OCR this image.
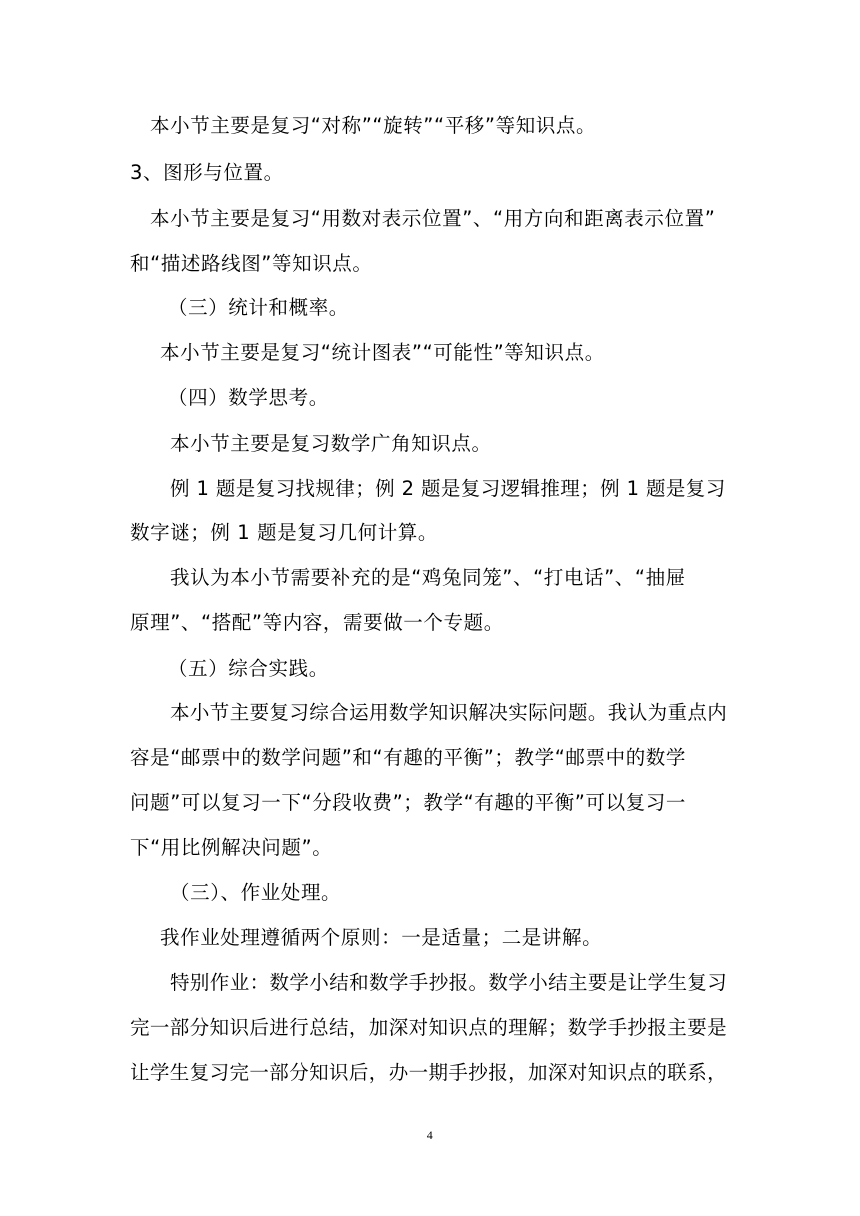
本小节主要是复习“对称”“旋转”“平移”等知识点。
3、图形与位置。
本小节主要是复习“用数对表示位置”、“用方向和距离表示位置”
和“描述路线图”等知识点。
（三）统计和概率。
本小节主要是复习“统计图表”“可能性”等知识点。
（四）数学思考。
本小节主要是复习数学广角知识点。
例 1 题是复习找规律；例 2 题是复习逻辑推理；例 1 题是复习
数字谜；例 1 题是复习几何计算。
我认为本小节需要补充的是“鸡兔同笼”、“打电话”、“抽屉
原理”、“搭配”等内容，需要做一个专题。
（五）综合实践。
本小节主要复习综合运用数学知识解决实际问题。我认为重点内
容是“邮票中的数学问题”和“有趣的平衡”；教学“邮票中的数学
问题”可以复习一下“分段收费”；教学“有趣的平衡”可以复习一
下“用比例解决问题”。
（三）、作业处理。
我作业处理遵循两个原则：一是适量；二是讲解。
特别作业：数学小结和数学手抄报。数学小结主要是让学生复习
完一部分知识后进行总结，加深对知识点的理解；数学手抄报主要是
让学生复习完一部分知识后，办一期手抄报，加深对知识点的联系，
4
